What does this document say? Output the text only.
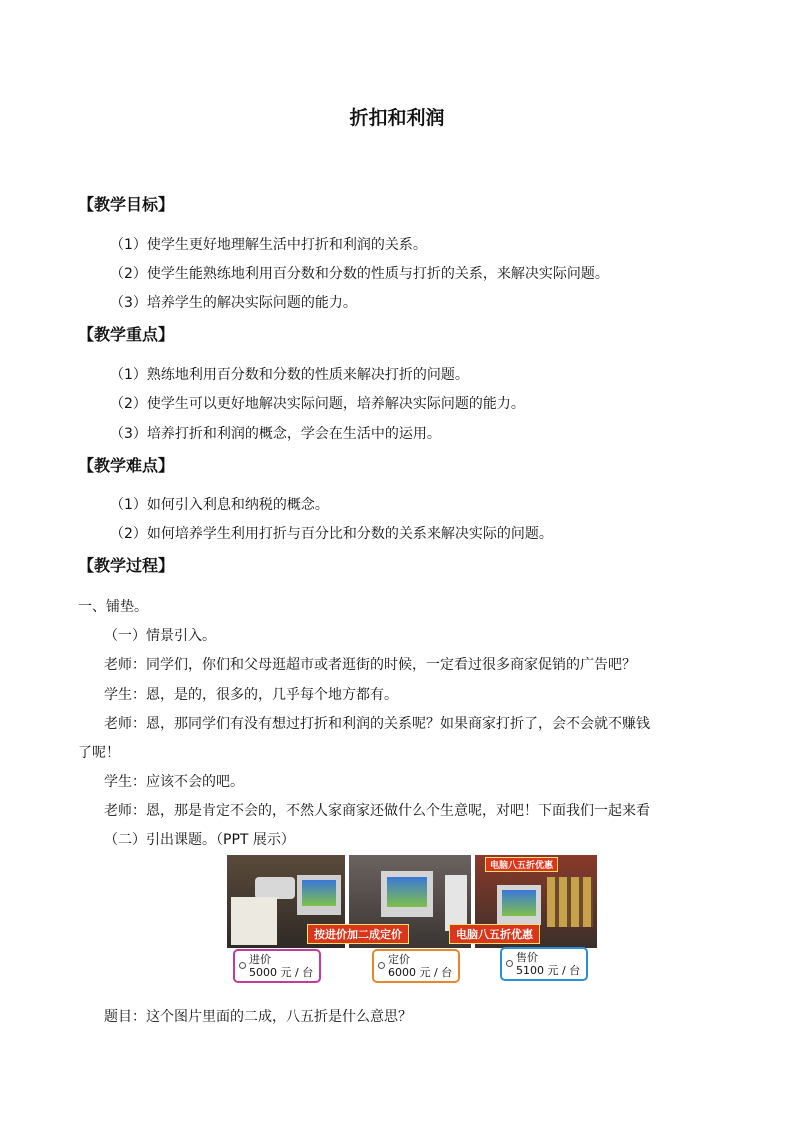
折扣和利润
【教学目标】
（1）使学生更好地理解生活中打折和利润的关系。
（2）使学生能熟练地利用百分数和分数的性质与打折的关系，来解决实际问题。
（3）培养学生的解决实际问题的能力。
【教学重点】
（1）熟练地利用百分数和分数的性质来解决打折的问题。
（2）使学生可以更好地解决实际问题，培养解决实际问题的能力。
（3）培养打折和利润的概念，学会在生活中的运用。
【教学难点】
（1）如何引入利息和纳税的概念。
（2）如何培养学生利用打折与百分比和分数的关系来解决实际的问题。
【教学过程】
一、铺垫。
（一）情景引入。
老师：同学们，你们和父母逛超市或者逛街的时候，一定看过很多商家促销的广告吧？
学生：恩，是的，很多的，几乎每个地方都有。
老师：恩，那同学们有没有想过打折和利润的关系呢？如果商家打折了，会不会就不赚钱
了呢！
学生：应该不会的吧。
老师：恩，那是肯定不会的，不然人家商家还做什么个生意呢，对吧！下面我们一起来看
（二）引出课题。（PPT 展示）
电脑八五折优惠
按进价加二成定价	电脑八五折优惠
进价
5000 元 / 台
定价
6000 元 / 台
售价
5100 元 / 台
题目：这个图片里面的二成，八五折是什么意思？
